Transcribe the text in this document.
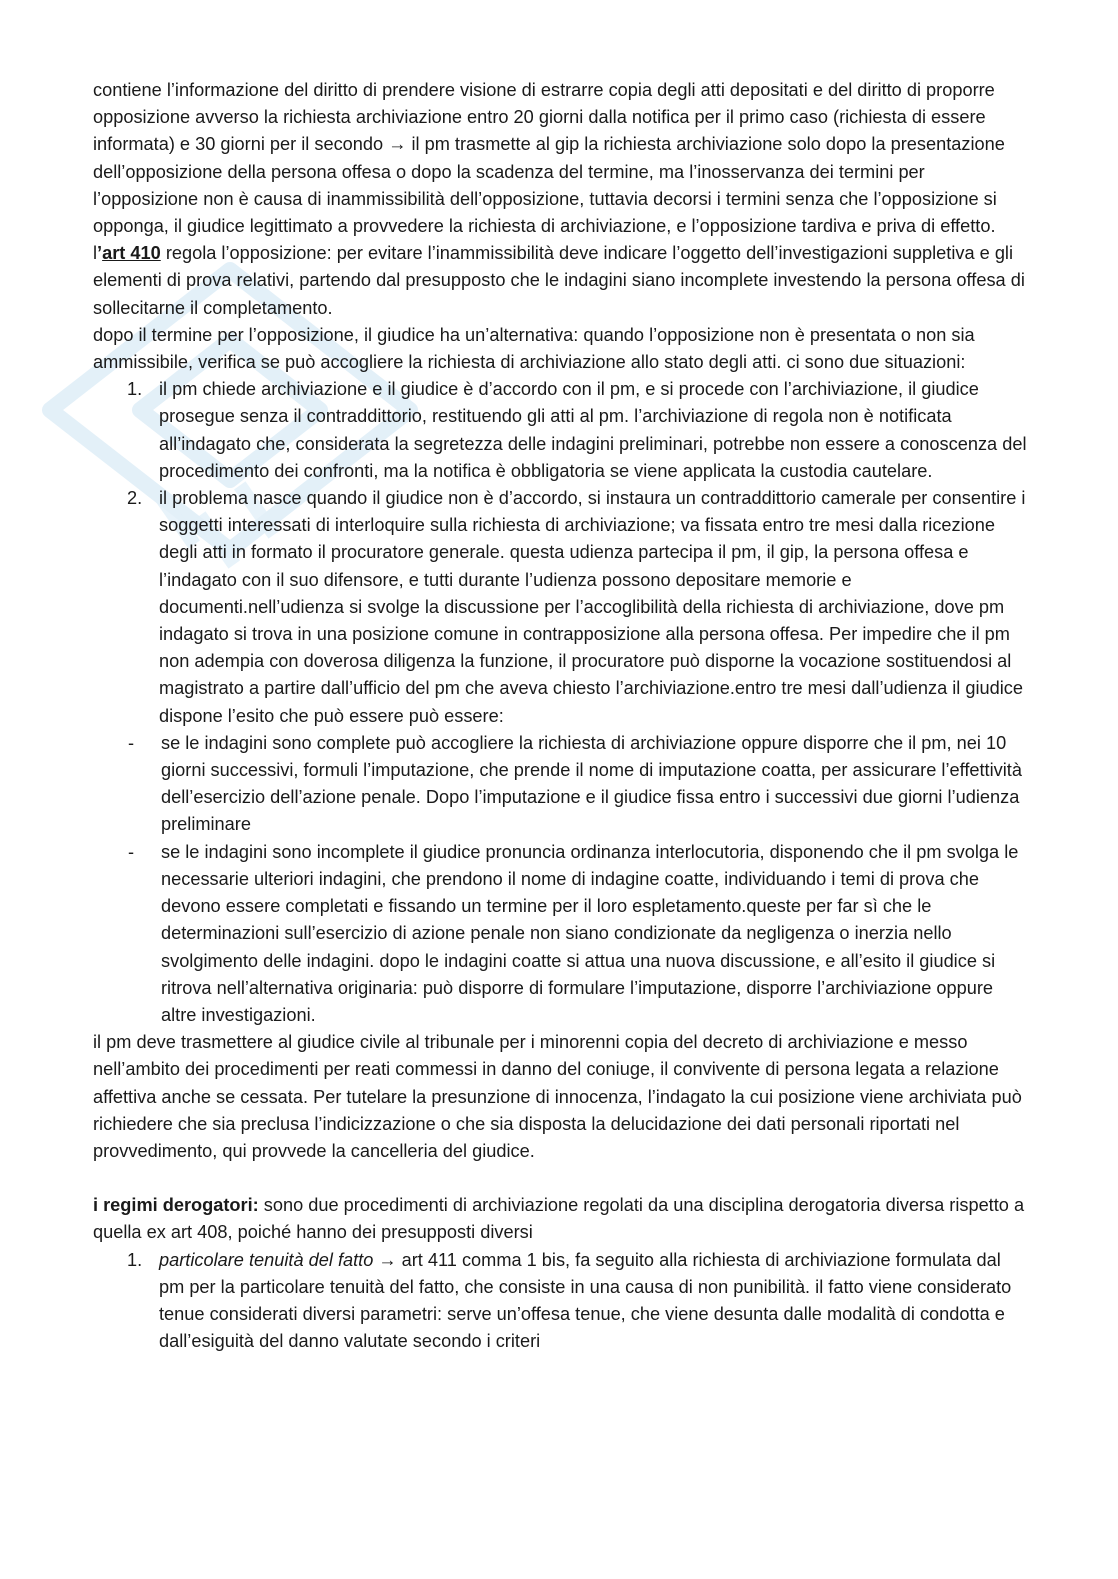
contiene l’informazione del diritto di prendere visione di estrarre copia degli atti depositati e del diritto di proporre opposizione avverso la richiesta archiviazione entro 20 giorni dalla notifica per il primo caso (richiesta di essere informata) e 30 giorni per il secondo → il pm trasmette al gip la richiesta archiviazione solo dopo la presentazione dell’opposizione della persona offesa o dopo la scadenza del termine, ma l’inosservanza dei termini per l’opposizione non è causa di inammissibilità dell’opposizione, tuttavia decorsi i termini senza che l’opposizione si opponga, il giudice legittimato a provvedere la richiesta di archiviazione, e l’opposizione tardiva e priva di effetto. l’art 410 regola l’opposizione: per evitare l’inammissibilità deve indicare l’oggetto dell’investigazioni suppletiva e gli elementi di prova relativi, partendo dal presupposto che le indagini siano incomplete investendo la persona offesa di sollecitarne il completamento.

dopo il termine per l’opposizione, il giudice ha un’alternativa: quando l’opposizione non è presentata o non sia ammissibile, verifica se può accogliere la richiesta di archiviazione allo stato degli atti. ci sono due situazioni:

1. il pm chiede archiviazione e il giudice è d’accordo con il pm, e si procede con l’archiviazione, il giudice prosegue senza il contraddittorio, restituendo gli atti al pm. l’archiviazione di regola non è notificata all’indagato che, considerata la segretezza delle indagini preliminari, potrebbe non essere a conoscenza del procedimento dei confronti, ma la notifica è obbligatoria se viene applicata la custodia cautelare.
2. il problema nasce quando il giudice non è d’accordo, si instaura un contraddittorio camerale per consentire i soggetti interessati di interloquire sulla richiesta di archiviazione; va fissata entro tre mesi dalla ricezione degli atti in formato il procuratore generale. questa udienza partecipa il pm, il gip, la persona offesa e l’indagato con il suo difensore, e tutti durante l’udienza possono depositare memorie e documenti.nell’udienza si svolge la discussione per l’accoglibilità della richiesta di archiviazione, dove pm indagato si trova in una posizione comune in contrapposizione alla persona offesa. Per impedire che il pm non adempia con doverosa diligenza la funzione, il procuratore può disporne la vocazione sostituendosi al magistrato a partire dall’ufficio del pm che aveva chiesto l’archiviazione.entro tre mesi dall’udienza il giudice dispone l’esito che può essere può essere:
- se le indagini sono complete può accogliere la richiesta di archiviazione oppure disporre che il pm, nei 10 giorni successivi, formuli l’imputazione, che prende il nome di imputazione coatta, per assicurare l’effettività dell’esercizio dell’azione penale. Dopo l’imputazione e il giudice fissa entro i successivi due giorni l’udienza preliminare
- se le indagini sono incomplete il giudice pronuncia ordinanza interlocutoria, disponendo che il pm svolga le necessarie ulteriori indagini, che prendono il nome di indagine coatte, individuando i temi di prova che devono essere completati e fissando un termine per il loro espletamento.queste per far sì che le determinazioni sull’esercizio di azione penale non siano condizionate da negligenza o inerzia nello svolgimento delle indagini. dopo le indagini coatte si attua una nuova discussione, e all’esito il giudice si ritrova nell’alternativa originaria: può disporre di formulare l’imputazione, disporre l’archiviazione oppure altre investigazioni.

il pm deve trasmettere al giudice civile al tribunale per i minorenni copia del decreto di archiviazione e messo nell’ambito dei procedimenti per reati commessi in danno del coniuge, il convivente di persona legata a relazione affettiva anche se cessata. Per tutelare la presunzione di innocenza, l’indagato la cui posizione viene archiviata può richiedere che sia preclusa l’indicizzazione o che sia disposta la delucidazione dei dati personali riportati nel provvedimento, qui provvede la cancelleria del giudice.

i regimi derogatori: sono due procedimenti di archiviazione regolati da una disciplina derogatoria diversa rispetto a quella ex art 408, poiché hanno dei presupposti diversi

1. particolare tenuità del fatto → art 411 comma 1 bis, fa seguito alla richiesta di archiviazione formulata dal pm per la particolare tenuità del fatto, che consiste in una causa di non punibilità. il fatto viene considerato tenue considerati diversi parametri: serve un’offesa tenue, che viene desunta dalle modalità di condotta e dall’esiguità del danno valutate secondo i criteri
